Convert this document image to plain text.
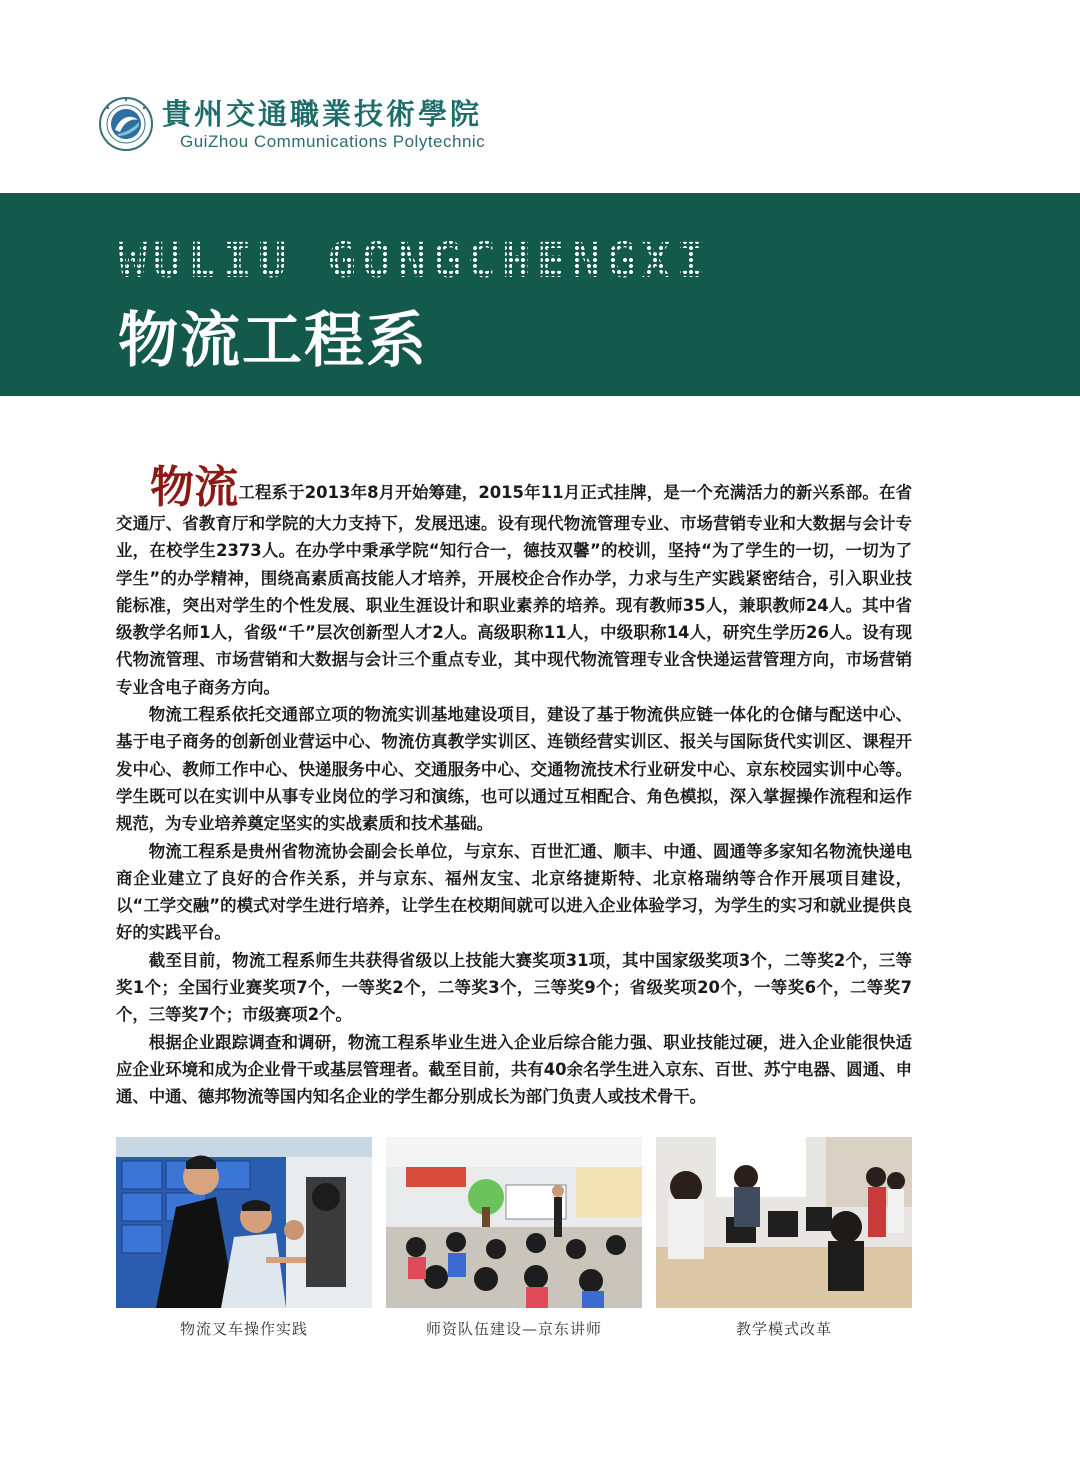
貴州交通職業技術學院
GuiZhou Communications Polytechnic
WULIU GONGCHENGXI
物流工程系

物流工程系于2013年8月开始筹建，2015年11月正式挂牌，是一个充满活力的新兴系部。在省交通厅、省教育厅和学院的大力支持下，发展迅速。设有现代物流管理专业、市场营销专业和大数据与会计专业，在校学生2373人。在办学中秉承学院“知行合一，德技双馨”的校训，坚持“为了学生的一切，一切为了学生”的办学精神，围绕高素质高技能人才培养，开展校企合作办学，力求与生产实践紧密结合，引入职业技能标准，突出对学生的个性发展、职业生涯设计和职业素养的培养。现有教师35人，兼职教师24人。其中省级教学名师1人，省级“千”层次创新型人才2人。高级职称11人，中级职称14人，研究生学历26人。设有现代物流管理、市场营销和大数据与会计三个重点专业，其中现代物流管理专业含快递运营管理方向，市场营销专业含电子商务方向。

物流工程系依托交通部立项的物流实训基地建设项目，建设了基于物流供应链一体化的仓储与配送中心、基于电子商务的创新创业营运中心、物流仿真教学实训区、连锁经营实训区、报关与国际货代实训区、课程开发中心、教师工作中心、快递服务中心、交通服务中心、交通物流技术行业研发中心、京东校园实训中心等。学生既可以在实训中从事专业岗位的学习和演练，也可以通过互相配合、角色模拟，深入掌握操作流程和运作规范，为专业培养奠定坚实的实战素质和技术基础。

物流工程系是贵州省物流协会副会长单位，与京东、百世汇通、顺丰、中通、圆通等多家知名物流快递电商企业建立了良好的合作关系，并与京东、福州友宝、北京络捷斯特、北京格瑞纳等合作开展项目建设，以“工学交融”的模式对学生进行培养，让学生在校期间就可以进入企业体验学习，为学生的实习和就业提供良好的实践平台。

截至目前，物流工程系师生共获得省级以上技能大赛奖项31项，其中国家级奖项3个，二等奖2个，三等奖1个；全国行业赛奖项7个，一等奖2个，二等奖3个，三等奖9个；省级奖项20个，一等奖6个，二等奖7个，三等奖7个；市级赛项2个。

根据企业跟踪调查和调研，物流工程系毕业生进入企业后综合能力强、职业技能过硬，进入企业能很快适应企业环境和成为企业骨干或基层管理者。截至目前，共有40余名学生进入京东、百世、苏宁电器、圆通、申通、中通、德邦物流等国内知名企业的学生都分别成长为部门负责人或技术骨干。

物流叉车操作实践	师资队伍建设—京东讲师	教学模式改革
